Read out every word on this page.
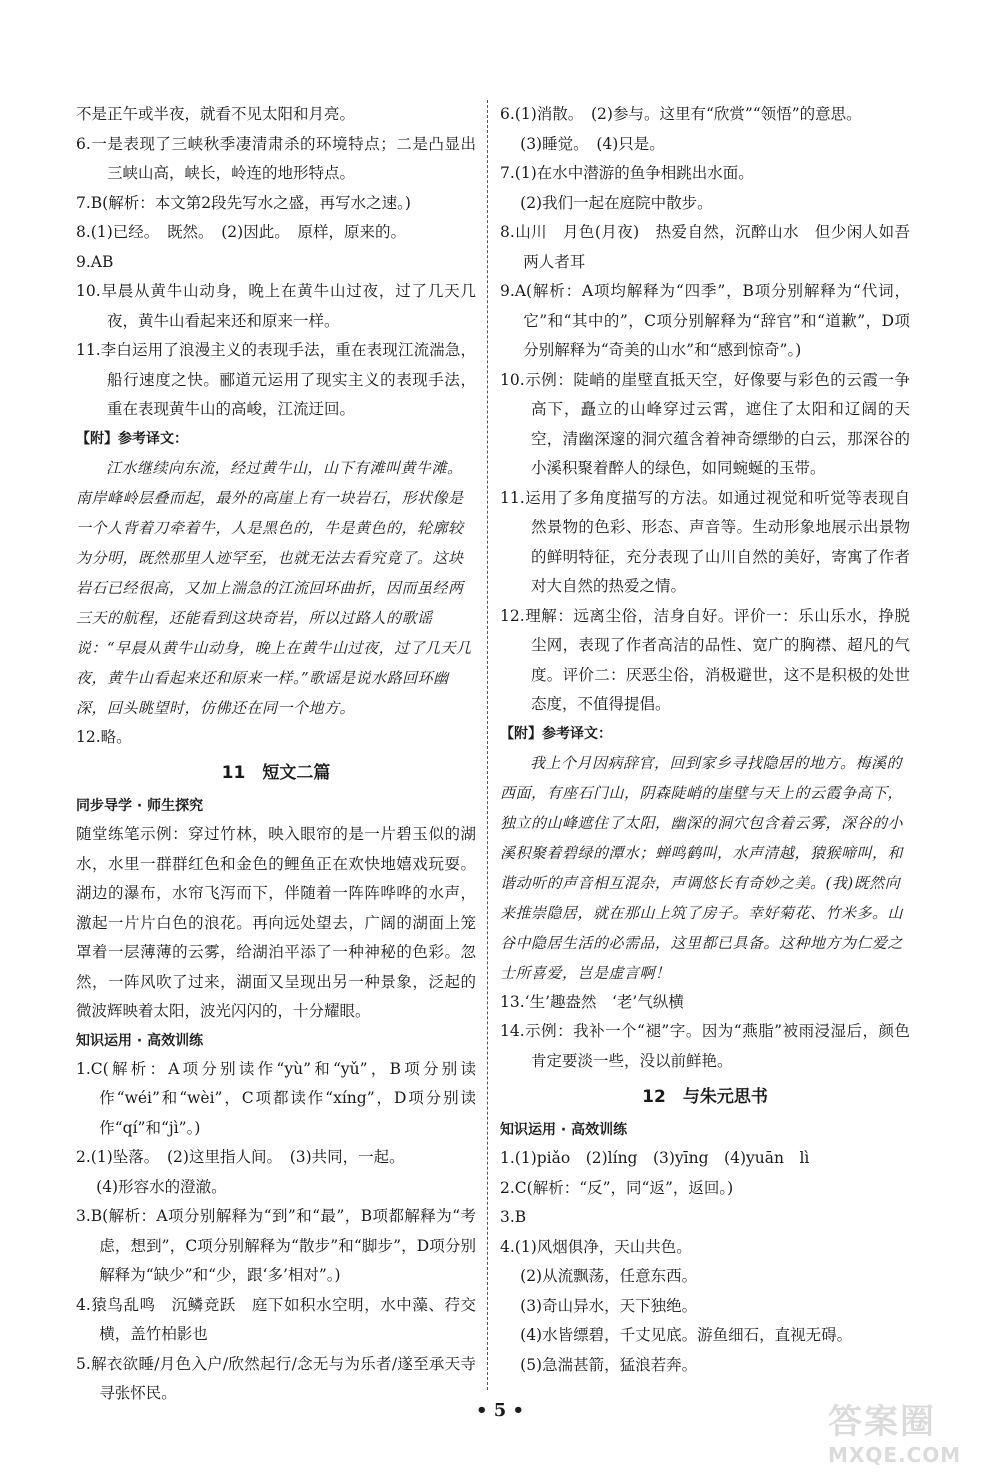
不是正午或半夜，就看不见太阳和月亮。

6.一是表现了三峡秋季凄清肃杀的环境特点；二是凸显出三峡山高，峡长，岭连的地形特点。

7.B(解析：本文第2段先写水之盛，再写水之速。)

8.(1)已经。　既然。　(2)因此。　原样，原来的。

9.AB

10.早晨从黄牛山动身，晚上在黄牛山过夜，过了几天几夜，黄牛山看起来还和原来一样。

11.李白运用了浪漫主义的表现手法，重在表现江流湍急，船行速度之快。郦道元运用了现实主义的表现手法，重在表现黄牛山的高峻，江流迂回。

【附】参考译文：

江水继续向东流，经过黄牛山，山下有滩叫黄牛滩。南岸峰岭层叠而起，最外的高崖上有一块岩石，形状像是一个人背着刀牵着牛，人是黑色的，牛是黄色的，轮廓较为分明，既然那里人迹罕至，也就无法去看究竟了。这块岩石已经很高，又加上湍急的江流回环曲折，因而虽经两三天的航程，还能看到这块奇岩，所以过路人的歌谣说：“早晨从黄牛山动身，晚上在黄牛山过夜，过了几天几夜，黄牛山看起来还和原来一样。”歌谣是说水路回环幽深，回头眺望时，仿佛还在同一个地方。

12.略。

11　短文二篇

同步导学 · 师生探究

随堂练笔示例：穿过竹林，映入眼帘的是一片碧玉似的湖水，水里一群群红色和金色的鲤鱼正在欢快地嬉戏玩耍。湖边的瀑布，水帘飞泻而下，伴随着一阵阵哗哗的水声，激起一片片白色的浪花。再向远处望去，广阔的湖面上笼罩着一层薄薄的云雾，给湖泊平添了一种神秘的色彩。忽然，一阵风吹了过来，湖面又呈现出另一种景象，泛起的微波辉映着太阳，波光闪闪的，十分耀眼。

知识运用 · 高效训练

1.C(解析：A项分别读作“yù”和“yǔ”，B项分别读作“wéi”和“wèi”，C项都读作“xíng”，D项分别读作“qí”和“jì”。)

2.(1)坠落。　(2)这里指人间。　(3)共同，一起。

(4)形容水的澄澈。

3.B(解析：A项分别解释为“到”和“最”，B项都解释为“考虑，想到”，C项分别解释为“散步”和“脚步”，D项分别解释为“缺少”和“少，跟‘多’相对”。)

4.猿鸟乱鸣　沉鳞竞跃　庭下如积水空明，水中藻、荇交横，盖竹柏影也

5.解衣欲睡/月色入户/欣然起行/念无与为乐者/遂至承天寺寻张怀民。

6.(1)消散。　(2)参与。这里有“欣赏”“领悟”的意思。

(3)睡觉。　(4)只是。

7.(1)在水中潜游的鱼争相跳出水面。

(2)我们一起在庭院中散步。

8.山川　月色(月夜)　热爱自然，沉醉山水　但少闲人如吾两人者耳

9.A(解析：A项均解释为“四季”，B项分别解释为“代词，它”和“其中的”，C项分别解释为“辞官”和“道歉”，D项分别解释为“奇美的山水”和“感到惊奇”。)

10.示例：陡峭的崖壁直抵天空，好像要与彩色的云霞一争高下，矗立的山峰穿过云霄，遮住了太阳和辽阔的天空，清幽深邃的洞穴蕴含着神奇缥缈的白云，那深谷的小溪积聚着醉人的绿色，如同蜿蜒的玉带。

11.运用了多角度描写的方法。如通过视觉和听觉等表现自然景物的色彩、形态、声音等。生动形象地展示出景物的鲜明特征，充分表现了山川自然的美好，寄寓了作者对大自然的热爱之情。

12.理解：远离尘俗，洁身自好。评价一：乐山乐水，挣脱尘网，表现了作者高洁的品性、宽广的胸襟、超凡的气度。评价二：厌恶尘俗，消极避世，这不是积极的处世态度，不值得提倡。

【附】参考译文：

我上个月因病辞官，回到家乡寻找隐居的地方。梅溪的西面，有座石门山，阴森陡峭的崖壁与天上的云霞争高下，独立的山峰遮住了太阳，幽深的洞穴包含着云雾，深谷的小溪积聚着碧绿的潭水；蝉鸣鹤叫，水声清越，猿猴啼叫，和谐动听的声音相互混杂，声调悠长有奇妙之美。(我)既然向来推崇隐居，就在那山上筑了房子。幸好菊花、竹米多。山谷中隐居生活的必需品，这里都已具备。这种地方为仁爱之士所喜爱，岂是虚言啊！

13.‘生’趣盎然　‘老’气纵横

14.示例：我补一个“褪”字。因为“燕脂”被雨浸湿后，颜色肯定要淡一些，没以前鲜艳。

12　与朱元思书

知识运用 · 高效训练

1.(1)piǎo　(2)líng　(3)yīng　(4)yuān　lì

2.C(解析：“反”，同“返”，返回。)

3.B

4.(1)风烟俱净，天山共色。

(2)从流飘荡，任意东西。

(3)奇山异水，天下独绝。

(4)水皆缥碧，千丈见底。游鱼细石，直视无碍。

(5)急湍甚箭，猛浪若奔。

• 5 •	答案圈
MXQE.COM
